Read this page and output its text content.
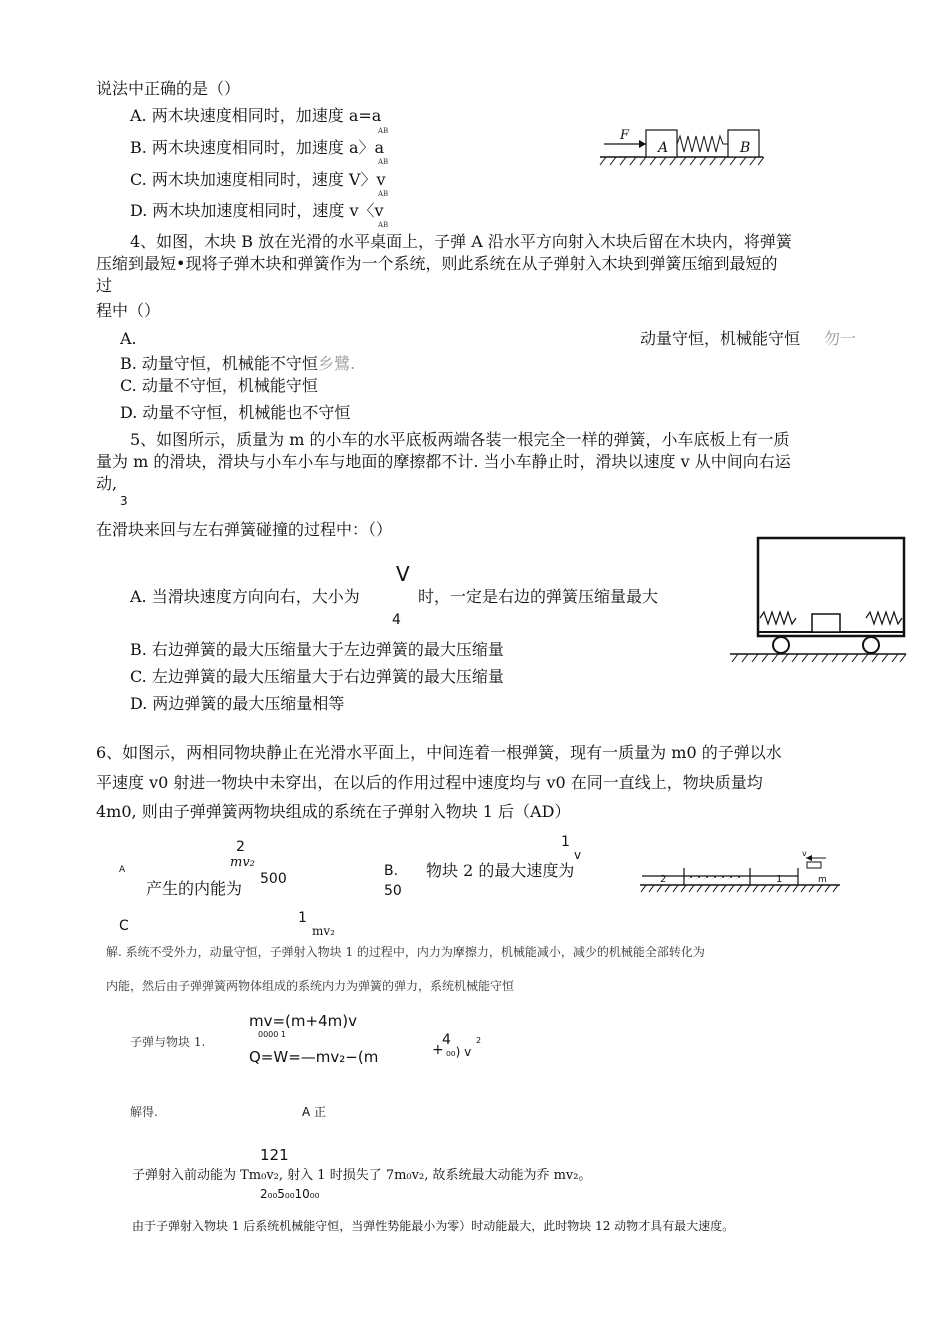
说法中正确的是（）
A. 两木块速度相同时，加速度 a=a
AB
B. 两木块速度相同时，加速度 a〉a
AB
C. 两木块加速度相同时，速度 V〉v
AB
D. 两木块加速度相同时，速度 v〈v
AB
F
A	B
4、如图，木块 B 放在光滑的水平桌面上，子弹 A 沿水平方向射入木块后留在木块内，将弹簧
压缩到最短•现将子弹木块和弹簧作为一个系统，则此系统在从子弹射入木块到弹簧压缩到最短的
过
程中（）
A.	动量守恒，机械能守恒 勿一
B. 动量守恒，机械能不守恒 乡鷺.
C. 动量不守恒，机械能守恒
D. 动量不守恒，机械能也不守恒
5、如图所示，质量为 m 的小车的水平底板两端各装一根完全一样的弹簧，小车底板上有一质
量为 m 的滑块，滑块与小车小车与地面的摩擦都不计. 当小车静止时，滑块以速度 v 从中间向右运
动,
3
在滑块来回与左右弹簧碰撞的过程中：（）
A. 当滑块速度方向向右，大小为
V
4
时，一定是右边的弹簧压缩量最大
B. 右边弹簧的最大压缩量大于左边弹簧的最大压缩量
C. 左边弹簧的最大压缩量大于右边弹簧的最大压缩量
D. 两边弹簧的最大压缩量相等
6、如图示，两相同物块静止在光滑水平面上，中间连着一根弹簧，现有一质量为 m0 的子弹以水
平速度 v0 射进一物块中未穿出，在以后的作用过程中速度均与 v0 在同一直线上，物块质量均
4m0, 则由子弹弹簧两物块组成的系统在子弹射入物块 1 后（AD）
A
2
mv₂
产生的内能为 500	B.
50
物块 2 的最大速度为
1
v
2	1	m
v
C	1
mv₂
解. 系统不受外力，动量守恒，子弹射入物块 1 的过程中，内力为摩擦力，机械能减小，减少的机械能全部转化为
内能，然后由子弹弹簧两物体组成的系统内力为弹簧的弹力，系统机械能守恒
子弹与物块 1.
mv=(m+4m)v
0000 1
Q=W=—mv₂−(m	+
4
₀₀) v
2
解得.	A 正
121
子弹射入前动能为 Tm₀v₂, 射入 1 时损失了 7m₀v₂, 故系统最大动能为乔 mv₂。
2₀₀5₀₀10₀₀
由于子弹射入物块 1 后系统机械能守恒，当弹性势能最小为零）时动能最大，此时物块 12 动物才具有最大速度。
